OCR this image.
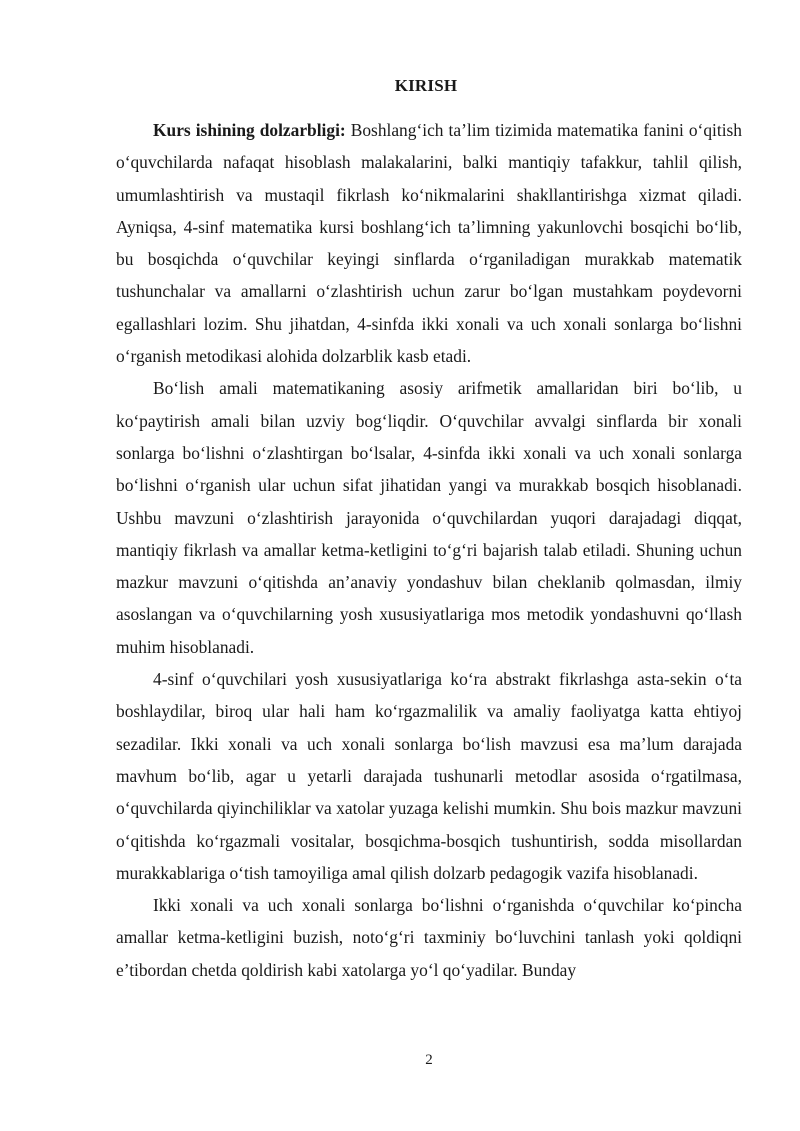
KIRISH

Kurs ishining dolzarbligi: Boshlang‘ich ta’lim tizimida matematika fanini o‘qitish o‘quvchilarda nafaqat hisoblash malakalarini, balki mantiqiy tafakkur, tahlil qilish, umumlashtirish va mustaqil fikrlash ko‘nikmalarini shakllantirishga xizmat qiladi. Ayniqsa, 4-sinf matematika kursi boshlang‘ich ta’limning yakunlovchi bosqichi bo‘lib, bu bosqichda o‘quvchilar keyingi sinflarda o‘rganiladigan murakkab matematik tushunchalar va amallarni o‘zlashtirish uchun zarur bo‘lgan mustahkam poydevorni egallashlari lozim. Shu jihatdan, 4-sinfda ikki xonali va uch xonali sonlarga bo‘lishni o‘rganish metodikasi alohida dolzarblik kasb etadi.

Bo‘lish amali matematikaning asosiy arifmetik amallaridan biri bo‘lib, u ko‘paytirish amali bilan uzviy bog‘liqdir. O‘quvchilar avvalgi sinflarda bir xonali sonlarga bo‘lishni o‘zlashtirgan bo‘lsalar, 4-sinfda ikki xonali va uch xonali sonlarga bo‘lishni o‘rganish ular uchun sifat jihatidan yangi va murakkab bosqich hisoblanadi. Ushbu mavzuni o‘zlashtirish jarayonida o‘quvchilardan yuqori darajadagi diqqat, mantiqiy fikrlash va amallar ketma-ketligini to‘g‘ri bajarish talab etiladi. Shuning uchun mazkur mavzuni o‘qitishda an’anaviy yondashuv bilan cheklanib qolmasdan, ilmiy asoslangan va o‘quvchilarning yosh xususiyatlariga mos metodik yondashuvni qo‘llash muhim hisoblanadi.

4-sinf o‘quvchilari yosh xususiyatlariga ko‘ra abstrakt fikrlashga asta-sekin o‘ta boshlaydilar, biroq ular hali ham ko‘rgazmalilik va amaliy faoliyatga katta ehtiyoj sezadilar. Ikki xonali va uch xonali sonlarga bo‘lish mavzusi esa ma’lum darajada mavhum bo‘lib, agar u yetarli darajada tushunarli metodlar asosida o‘rgatilmasa, o‘quvchilarda qiyinchiliklar va xatolar yuzaga kelishi mumkin. Shu bois mazkur mavzuni o‘qitishda ko‘rgazmali vositalar, bosqichma-bosqich tushuntirish, sodda misollardan murakkablariga o‘tish tamoyiliga amal qilish dolzarb pedagogik vazifa hisoblanadi.

Ikki xonali va uch xonali sonlarga bo‘lishni o‘rganishda o‘quvchilar ko‘pincha amallar ketma-ketligini buzish, noto‘g‘ri taxminiy bo‘luvchini tanlash yoki qoldiqni e’tibordan chetda qoldirish kabi xatolarga yo‘l qo‘yadilar. Bunday

2
